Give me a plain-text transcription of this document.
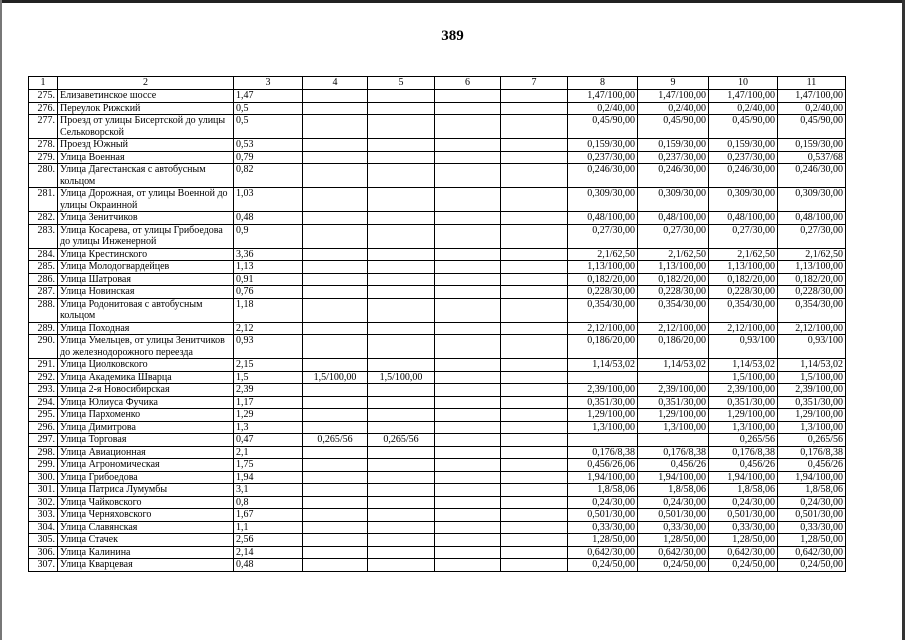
389
1	2	3	4	5	6	7	8	9	10	11
275.	Елизаветинское шоссе	1,47					1,47/100,00	1,47/100,00	1,47/100,00	1,47/100,00
276.	Переулок Рижский	0,5					0,2/40,00	0,2/40,00	0,2/40,00	0,2/40,00
277.	Проезд от улицы Бисертской до улицы Сельковорской	0,5					0,45/90,00	0,45/90,00	0,45/90,00	0,45/90,00
278.	Проезд Южный	0,53					0,159/30,00	0,159/30,00	0,159/30,00	0,159/30,00
279.	Улица Военная	0,79					0,237/30,00	0,237/30,00	0,237/30,00	0,537/68
280.	Улица Дагестанская с автобусным кольцом	0,82					0,246/30,00	0,246/30,00	0,246/30,00	0,246/30,00
281.	Улица Дорожная, от улицы Военной до улицы Окраинной	1,03					0,309/30,00	0,309/30,00	0,309/30,00	0,309/30,00
282.	Улица Зенитчиков	0,48					0,48/100,00	0,48/100,00	0,48/100,00	0,48/100,00
283.	Улица Косарева, от улицы Грибоедова до улицы Инженерной	0,9					0,27/30,00	0,27/30,00	0,27/30,00	0,27/30,00
284.	Улица Крестинского	3,36					2,1/62,50	2,1/62,50	2,1/62,50	2,1/62,50
285.	Улица Молодогвардейцев	1,13					1,13/100,00	1,13/100,00	1,13/100,00	1,13/100,00
286.	Улица Шатровая	0,91					0,182/20,00	0,182/20,00	0,182/20,00	0,182/20,00
287.	Улица Новинская	0,76					0,228/30,00	0,228/30,00	0,228/30,00	0,228/30,00
288.	Улица Родонитовая с автобусным кольцом	1,18					0,354/30,00	0,354/30,00	0,354/30,00	0,354/30,00
289.	Улица Походная	2,12					2,12/100,00	2,12/100,00	2,12/100,00	2,12/100,00
290.	Улица Умельцев, от улицы Зенитчиков до железнодорожного переезда	0,93					0,186/20,00	0,186/20,00	0,93/100	0,93/100
291.	Улица Циолковского	2,15					1,14/53,02	1,14/53,02	1,14/53,02	1,14/53,02
292.	Улица Академика Шварца	1,5	1,5/100,00	1,5/100,00					1,5/100,00	1,5/100,00
293.	Улица 2-я Новосибирская	2,39					2,39/100,00	2,39/100,00	2,39/100,00	2,39/100,00
294.	Улица Юлиуса Фучика	1,17					0,351/30,00	0,351/30,00	0,351/30,00	0,351/30,00
295.	Улица Пархоменко	1,29					1,29/100,00	1,29/100,00	1,29/100,00	1,29/100,00
296.	Улица Димитрова	1,3					1,3/100,00	1,3/100,00	1,3/100,00	1,3/100,00
297.	Улица Торговая	0,47	0,265/56	0,265/56					0,265/56	0,265/56
298.	Улица Авиационная	2,1					0,176/8,38	0,176/8,38	0,176/8,38	0,176/8,38
299.	Улица Агрономическая	1,75					0,456/26,06	0,456/26	0,456/26	0,456/26
300.	Улица Грибоедова	1,94					1,94/100,00	1,94/100,00	1,94/100,00	1,94/100,00
301.	Улица Патриса Лумумбы	3,1					1,8/58,06	1,8/58,06	1,8/58,06	1,8/58,06
302.	Улица Чайковского	0,8					0,24/30,00	0,24/30,00	0,24/30,00	0,24/30,00
303.	Улица Черняховского	1,67					0,501/30,00	0,501/30,00	0,501/30,00	0,501/30,00
304.	Улица Славянская	1,1					0,33/30,00	0,33/30,00	0,33/30,00	0,33/30,00
305.	Улица Стачек	2,56					1,28/50,00	1,28/50,00	1,28/50,00	1,28/50,00
306.	Улица Калинина	2,14					0,642/30,00	0,642/30,00	0,642/30,00	0,642/30,00
307.	Улица Кварцевая	0,48					0,24/50,00	0,24/50,00	0,24/50,00	0,24/50,00
